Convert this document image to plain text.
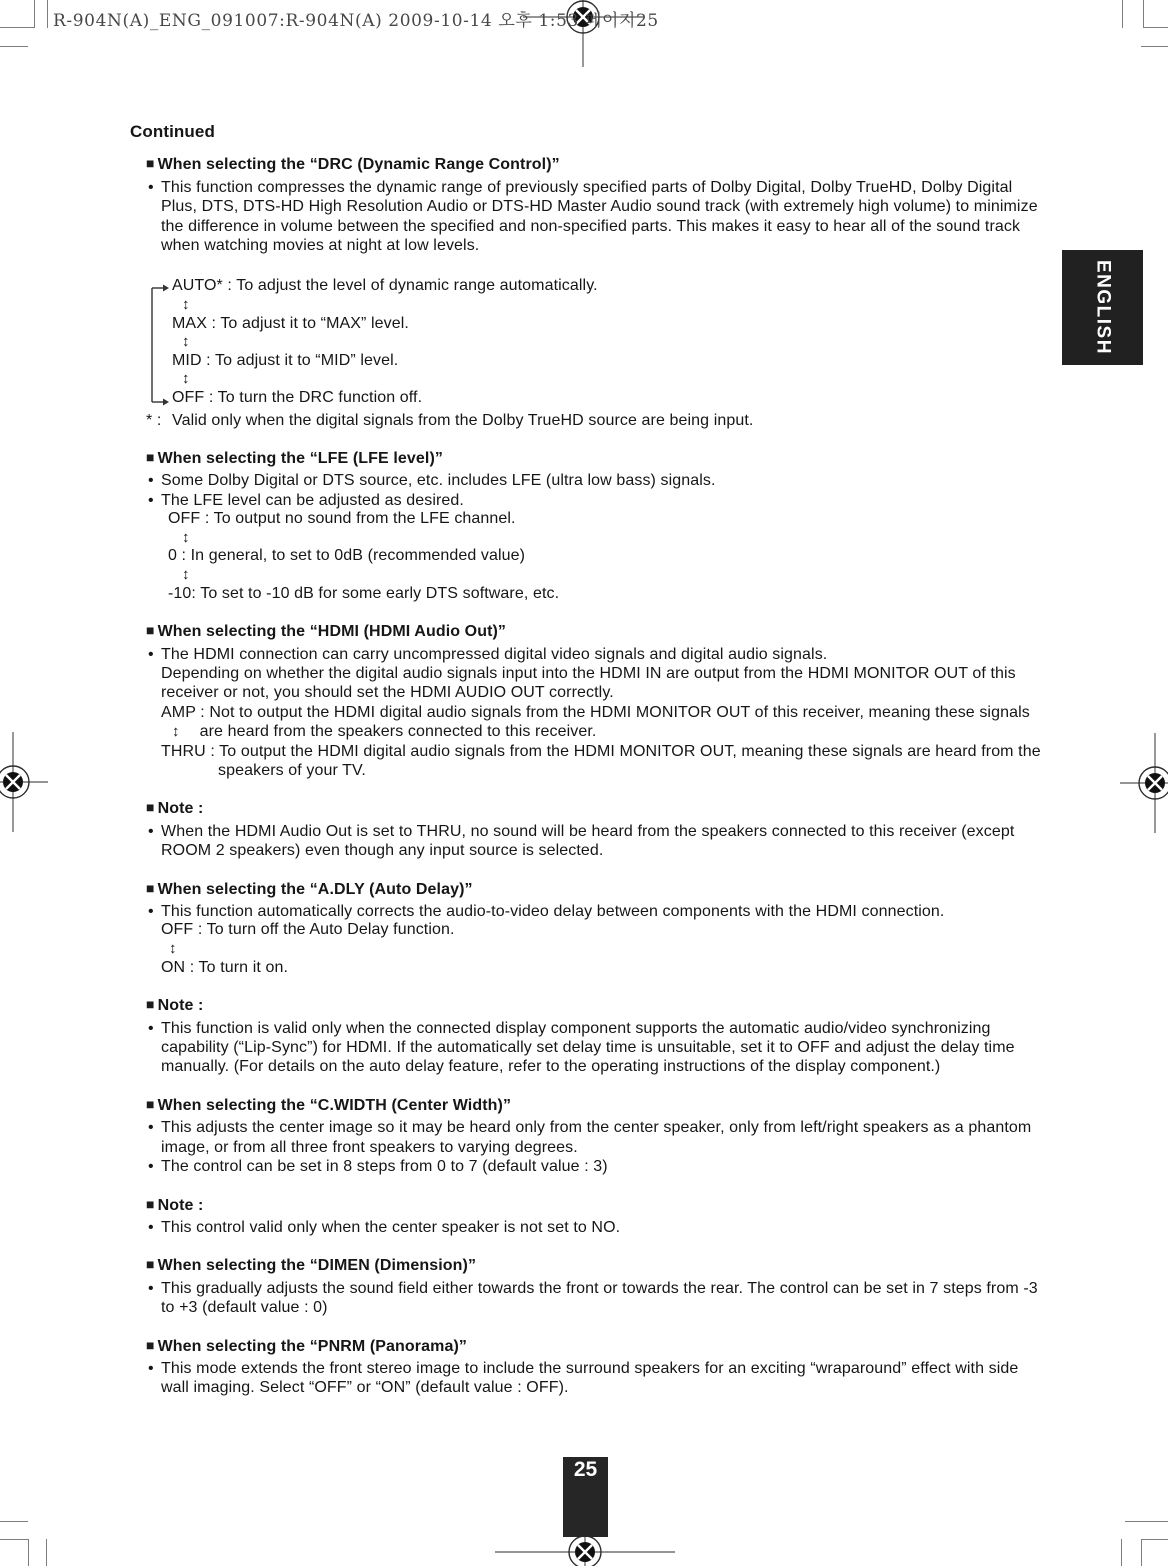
R-904N(A)_ENG_091007:R-904N(A) 2009-10-14 오후 1:53 페이지25
ENGLISH
25
Continued
■ When selecting the “DRC (Dynamic Range Control)”
• This function compresses the dynamic range of previously specified parts of Dolby Digital, Dolby TrueHD, Dolby Digital
Plus, DTS, DTS-HD High Resolution Audio or DTS-HD Master Audio sound track (with extremely high volume) to minimize
the difference in volume between the specified and non-specified parts. This makes it easy to hear all of the sound track
when watching movies at night at low levels.
AUTO* : To adjust the level of dynamic range automatically.
↕
MAX : To adjust it to “MAX” level.
↕
MID : To adjust it to “MID” level.
↕
OFF : To turn the DRC function off.
* : Valid only when the digital signals from the Dolby TrueHD source are being input.
■ When selecting the “LFE (LFE level)”
• Some Dolby Digital or DTS source, etc. includes LFE (ultra low bass) signals.
• The LFE level can be adjusted as desired.
OFF : To output no sound from the LFE channel.
↕
0 : In general, to set to 0dB (recommended value)
↕
-10: To set to -10 dB for some early DTS software, etc.
■ When selecting the “HDMI (HDMI Audio Out)”
• The HDMI connection can carry uncompressed digital video signals and digital audio signals.
Depending on whether the digital audio signals input into the HDMI IN are output from the HDMI MONITOR OUT of this
receiver or not, you should set the HDMI AUDIO OUT correctly.
AMP : Not to output the HDMI digital audio signals from the HDMI MONITOR OUT of this receiver, meaning these signals
↕ are heard from the speakers connected to this receiver.
THRU : To output the HDMI digital audio signals from the HDMI MONITOR OUT, meaning these signals are heard from the
speakers of your TV.
■ Note :
• When the HDMI Audio Out is set to THRU, no sound will be heard from the speakers connected to this receiver (except
ROOM 2 speakers) even though any input source is selected.
■ When selecting the “A.DLY (Auto Delay)”
• This function automatically corrects the audio-to-video delay between components with the HDMI connection.
OFF : To turn off the Auto Delay function.
↕
ON : To turn it on.
■ Note :
• This function is valid only when the connected display component supports the automatic audio/video synchronizing
capability (“Lip-Sync”) for HDMI. If the automatically set delay time is unsuitable, set it to OFF and adjust the delay time
manually. (For details on the auto delay feature, refer to the operating instructions of the display component.)
■ When selecting the “C.WIDTH (Center Width)”
• This adjusts the center image so it may be heard only from the center speaker, only from left/right speakers as a phantom
image, or from all three front speakers to varying degrees.
• The control can be set in 8 steps from 0 to 7 (default value : 3)
■ Note :
• This control valid only when the center speaker is not set to NO.
■ When selecting the “DIMEN (Dimension)”
• This gradually adjusts the sound field either towards the front or towards the rear. The control can be set in 7 steps from -3
to +3 (default value : 0)
■ When selecting the “PNRM (Panorama)”
• This mode extends the front stereo image to include the surround speakers for an exciting “wraparound” effect with side
wall imaging. Select “OFF” or “ON” (default value : OFF).
